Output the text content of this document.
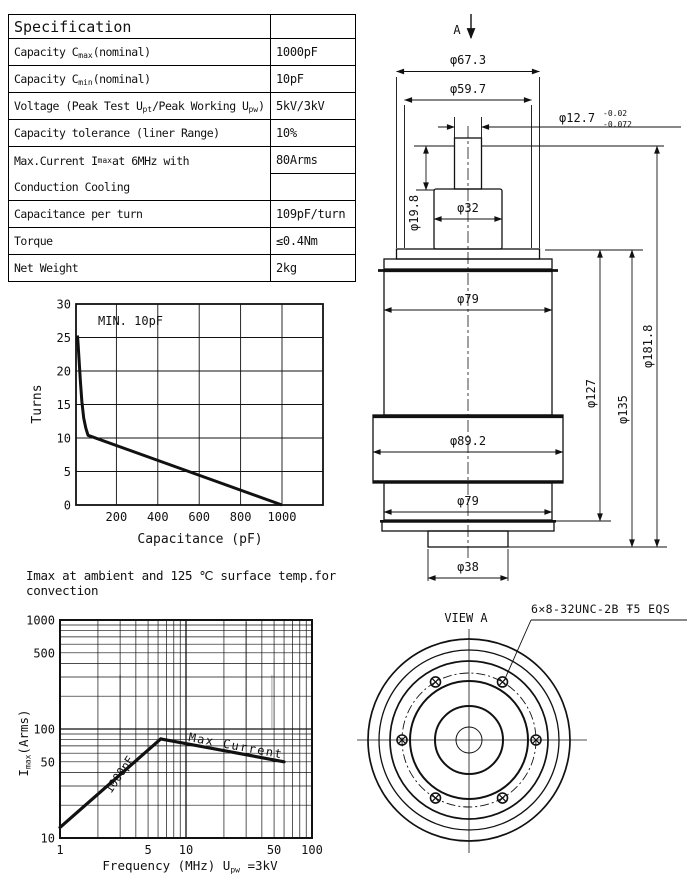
Specification	
Capacity $C_{max}(nominal)$	1000pF
Capacity $C_{min}(nominal)$	10pF
Voltage (Peak Test $U_{pt}$/Peak Working $U_{pw}$)	5kV/3kV
Capacity tolerance (liner Range)	10%

Max.Current I max at 6MHz with
Conduction Cooling	80Arms

Capacitance per turn	109pF/turn
Torque	≤0.4Nm
Net Weight	2kg
200 400 600 800 1000
0
5
10
15
20
25
30
MIN. 10pF
Capacitance (pF)
Turns
Imax at ambient and 125 ℃ surface temp.for
convection
1	5 10	50 100
10
50
100
500
1000
1000pF
Max Current
Frequency (MHz) $U_{pw} =3kV$
$I_{max}(Arms)$
A
φ67.3
φ59.7
φ12.7 -0.02
-0.072
φ19.8	φ32
φ79
φ89.2
φ79
φ38
φ127
φ135
φ181.8
VIEW A
6×8-32UNC-2B Ŧ5 EQS
